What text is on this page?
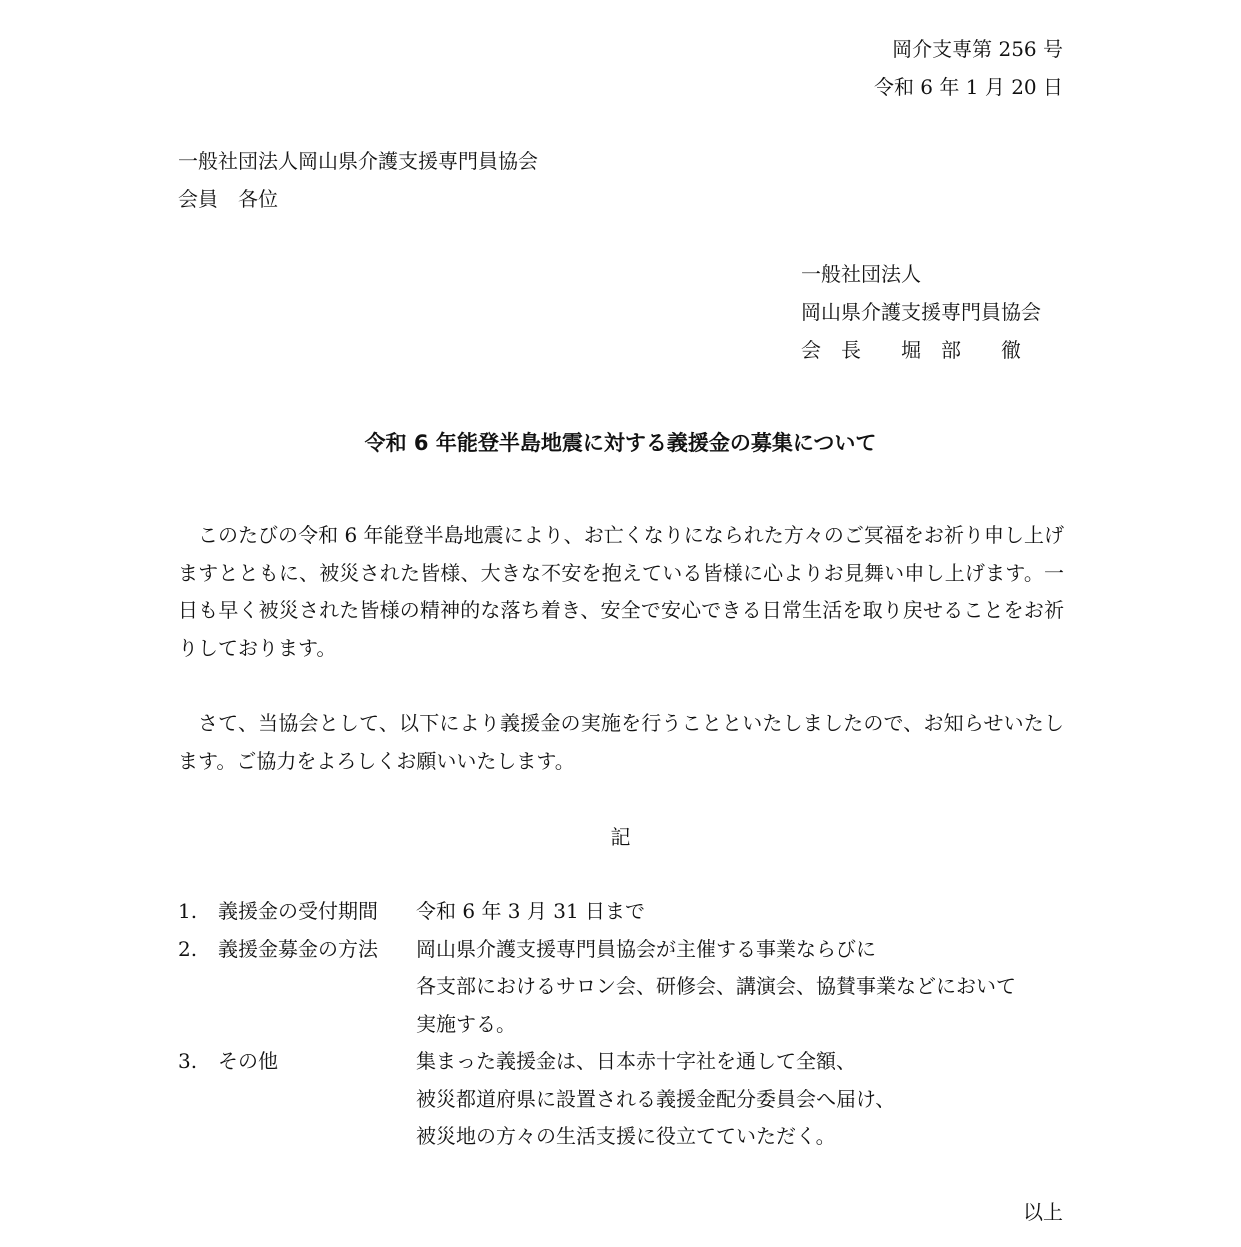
岡介支専第 256 号
令和 6 年 1 月 20 日
一般社団法人岡山県介護支援専門員協会
会員　各位
一般社団法人
岡山県介護支援専門員協会
会　長　　堀　部　　徹
令和 6 年能登半島地震に対する義援金の募集について
このたびの令和 6 年能登半島地震により、お亡くなりになられた方々のご冥福をお祈り申し上げますとともに、被災された皆様、大きな不安を抱えている皆様に心よりお見舞い申し上げます。一日も早く被災された皆様の精神的な落ち着き、安全で安心できる日常生活を取り戻せることをお祈りしております。
さて、当協会として、以下により義援金の実施を行うことといたしましたので、お知らせいたします。ご協力をよろしくお願いいたします。
記
1.	義援金の受付期間	令和 6 年 3 月 31 日まで
2.	義援金募金の方法	岡山県介護支援専門員協会が主催する事業ならびに
各支部におけるサロン会、研修会、講演会、協賛事業などにおいて
実施する。
3.	その他	集まった義援金は、日本赤十字社を通して全額、
被災都道府県に設置される義援金配分委員会へ届け、
被災地の方々の生活支援に役立てていただく。
以上
